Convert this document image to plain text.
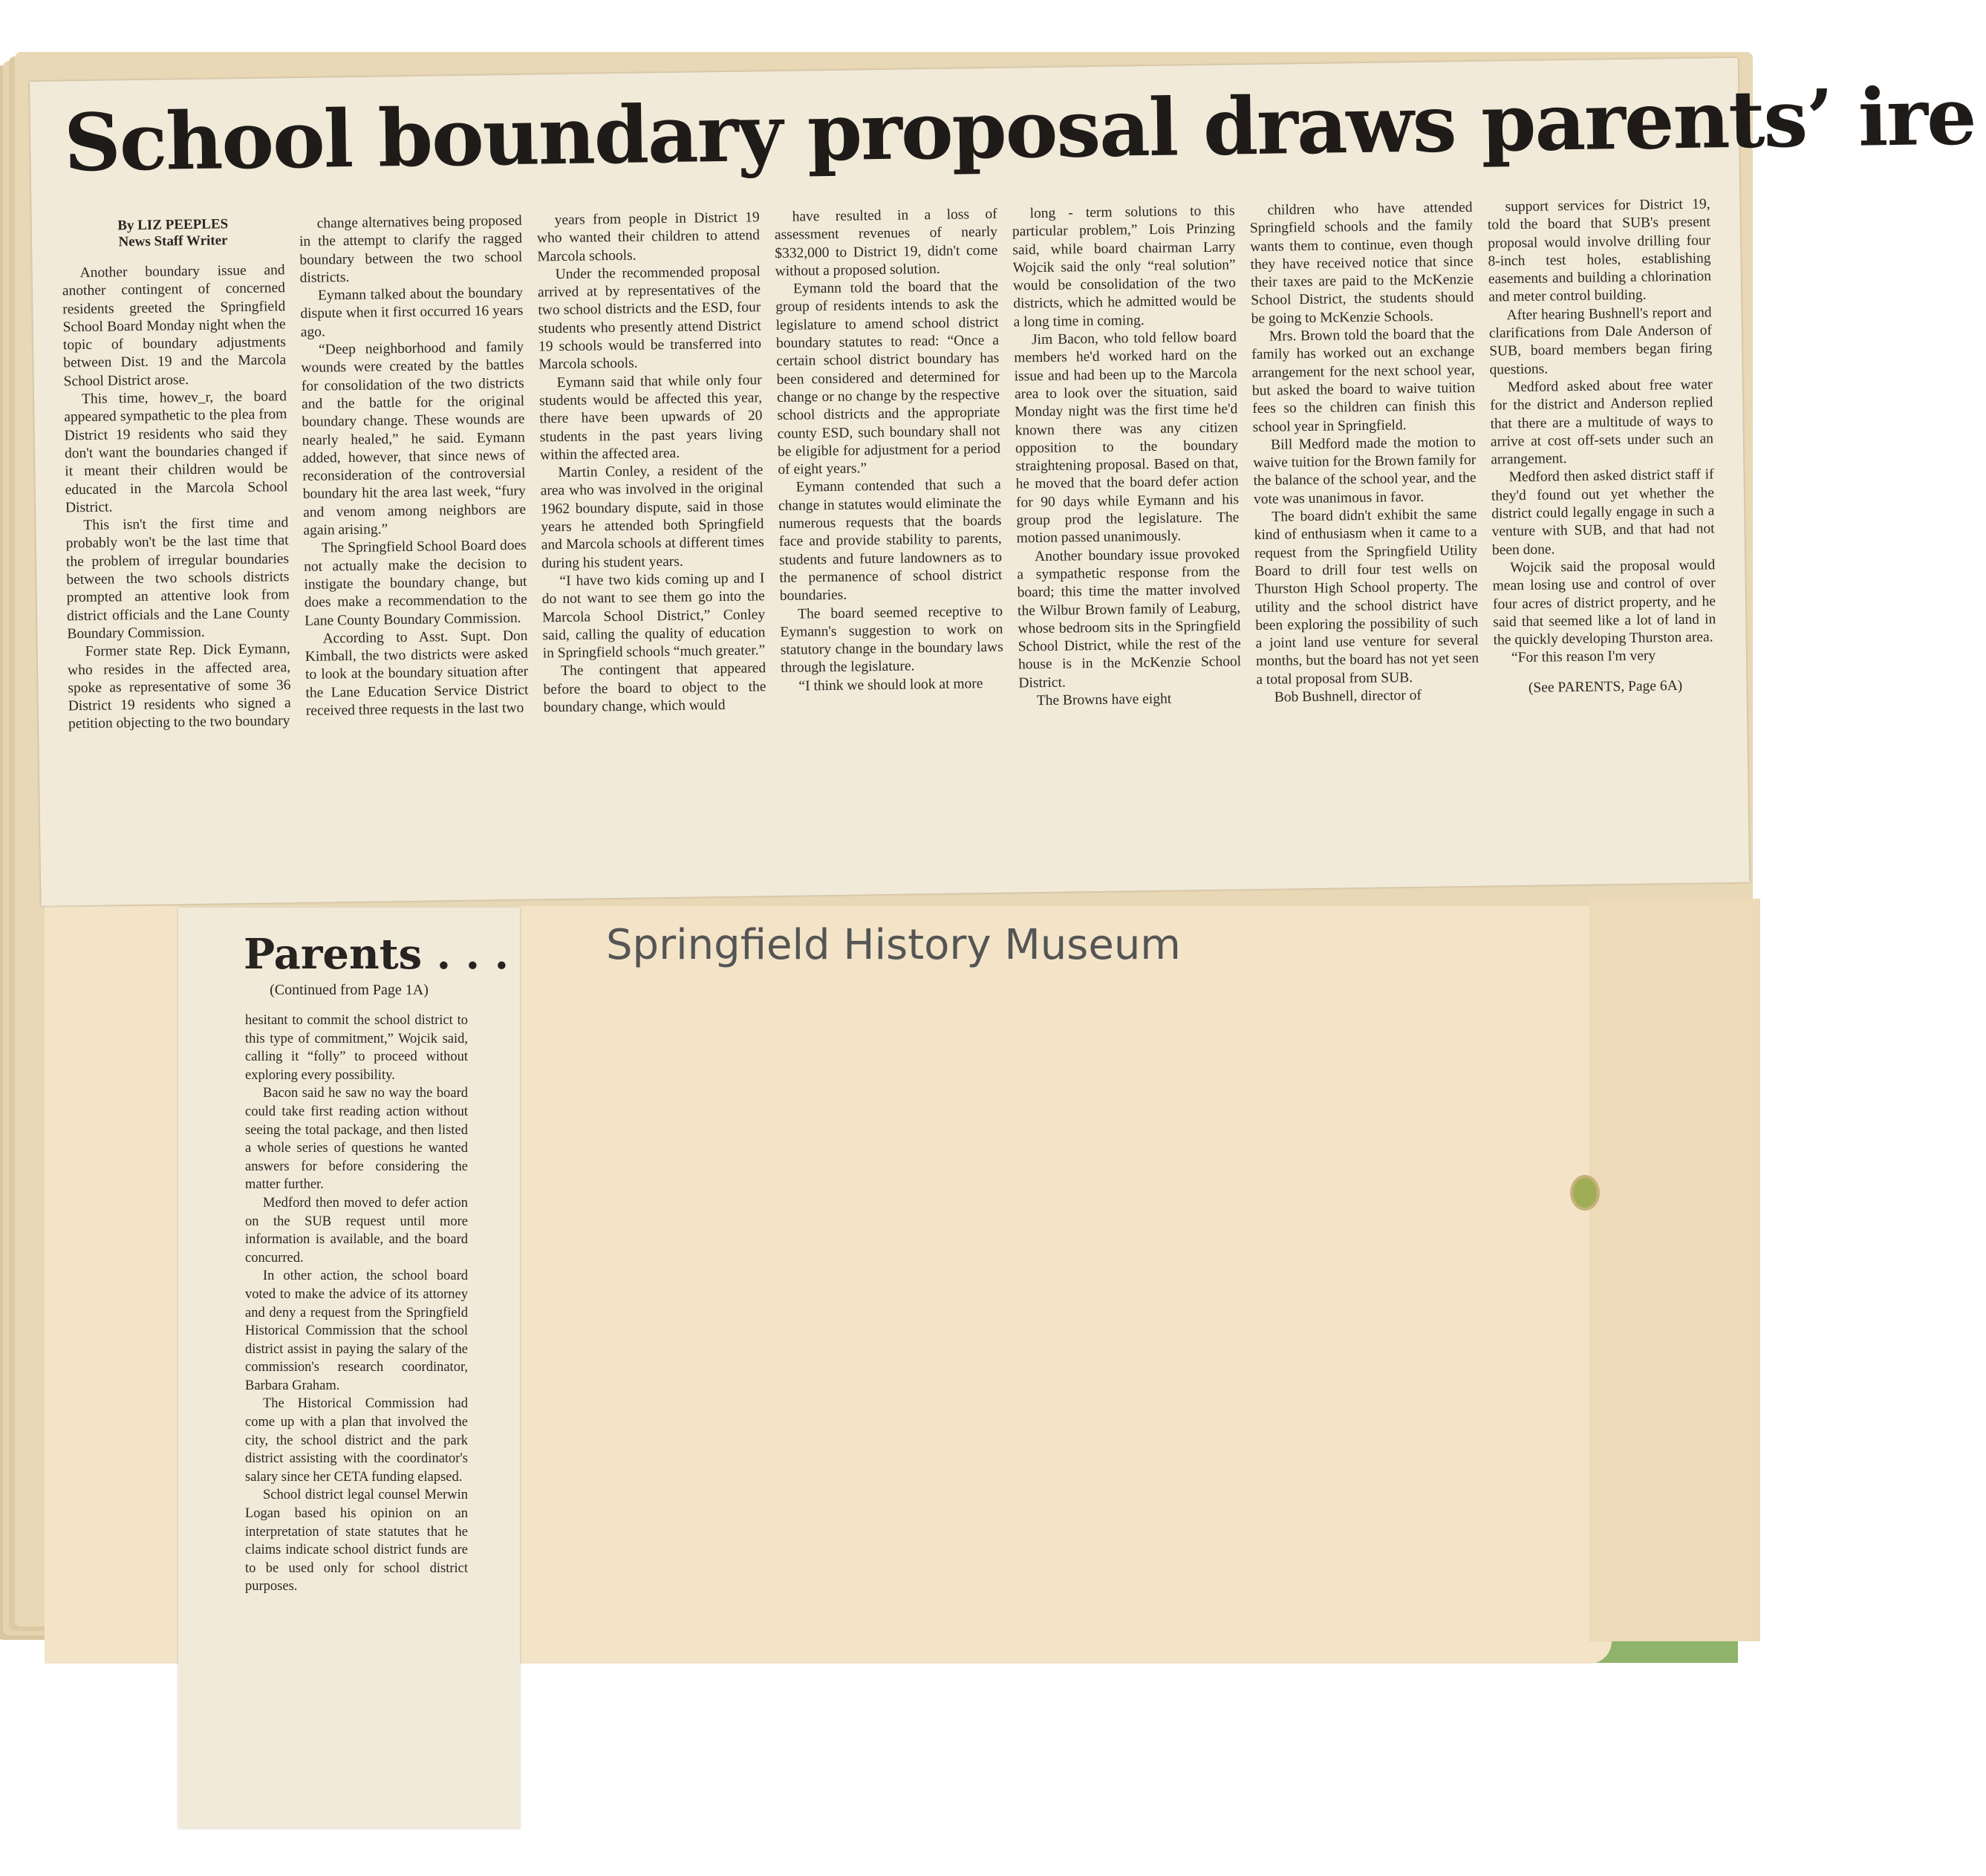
School boundary proposal draws parents’ ire
By LIZ PEEPLES
News Staff Writer

Another boundary issue and another contingent of concerned residents greeted the Springfield School Board Monday night when the topic of boundary adjustments between Dist. 19 and the Marcola School District arose.

This time, howev_r, the board appeared sympathetic to the plea from District 19 residents who said they don't want the boundaries changed if it meant their children would be educated in the Marcola School District.

This isn't the first time and probably won't be the last time that the problem of irregular boundaries between the two schools districts prompted an attentive look from district officials and the Lane County Boundary Commission.

Former state Rep. Dick Eymann, who resides in the affected area, spoke as representative of some 36 District 19 residents who signed a petition objecting to the two boundary

change alternatives being proposed in the attempt to clarify the ragged boundary between the two school districts.

Eymann talked about the boundary dispute when it first occurred 16 years ago.

“Deep neighborhood and family wounds were created by the battles for consolidation of the two districts and the battle for the original boundary change. These wounds are nearly healed,” he said. Eymann added, however, that since news of reconsideration of the controversial boundary hit the area last week, “fury and venom among neighbors are again arising.”

The Springfield School Board does not actually make the decision to instigate the boundary change, but does make a recommendation to the Lane County Boundary Commission.

According to Asst. Supt. Don Kimball, the two districts were asked to look at the boundary situation after the Lane Education Service District received three requests in the last two

years from people in District 19 who wanted their children to attend Marcola schools.

Under the recommended proposal arrived at by representatives of the two school districts and the ESD, four students who presently attend District 19 schools would be transferred into Marcola schools.

Eymann said that while only four students would be affected this year, there have been upwards of 20 students in the past years living within the affected area.

Martin Conley, a resident of the area who was involved in the original 1962 boundary dispute, said in those years he attended both Springfield and Marcola schools at different times during his student years.

“I have two kids coming up and I do not want to see them go into the Marcola School District,” Conley said, calling the quality of education in Springfield schools “much greater.”

The contingent that appeared before the board to object to the boundary change, which would

have resulted in a loss of assessment revenues of nearly $332,000 to District 19, didn't come without a proposed solution.

Eymann told the board that the group of residents intends to ask the legislature to amend school district boundary statutes to read: “Once a certain school district boundary has been considered and determined for change or no change by the respective school districts and the appropriate county ESD, such boundary shall not be eligible for adjustment for a period of eight years.”

Eymann contended that such a change in statutes would eliminate the numerous requests that the boards face and provide stability to parents, students and future landowners as to the permanence of school district boundaries.

The board seemed receptive to Eymann's suggestion to work on statutory change in the boundary laws through the legislature.

“I think we should look at more

long - term solutions to this particular problem,” Lois Prinzing said, while board chairman Larry Wojcik said the only “real solution” would be consolidation of the two districts, which he admitted would be a long time in coming.

Jim Bacon, who told fellow board members he'd worked hard on the issue and had been up to the Marcola area to look over the situation, said Monday night was the first time he'd known there was any citizen opposition to the boundary straightening proposal. Based on that, he moved that the board defer action for 90 days while Eymann and his group prod the legislature. The motion passed unanimously.

Another boundary issue provoked a sympathetic response from the board; this time the matter involved the Wilbur Brown family of Leaburg, whose bedroom sits in the Springfield School District, while the rest of the house is in the McKenzie School District.

The Browns have eight

children who have attended Springfield schools and the family wants them to continue, even though they have received notice that since their taxes are paid to the McKenzie School District, the students should be going to McKenzie Schools.

Mrs. Brown told the board that the family has worked out an exchange arrangement for the next school year, but asked the board to waive tuition fees so the children can finish this school year in Springfield.

Bill Medford made the motion to waive tuition for the Brown family for the balance of the school year, and the vote was unanimous in favor.

The board didn't exhibit the same kind of enthusiasm when it came to a request from the Springfield Utility Board to drill four test wells on Thurston High School property. The utility and the school district have been exploring the possibility of such a joint land use venture for several months, but the board has not yet seen a total proposal from SUB.

Bob Bushnell, director of

support services for District 19, told the board that SUB's present proposal would involve drilling four 8-inch test holes, establishing easements and building a chlorination and meter control building.

After hearing Bushnell's report and clarifications from Dale Anderson of SUB, board members began firing questions.

Medford asked about free water for the district and Anderson replied that there are a multitude of ways to arrive at cost off-sets under such an arrangement.

Medford then asked district staff if they'd found out yet whether the district could legally engage in such a venture with SUB, and that had not been done.

Wojcik said the proposal would mean losing use and control of over four acres of district property, and he said that seemed like a lot of land in the quickly developing Thurston area.

“For this reason I'm very

(See PARENTS, Page 6A)

Springfield History Museum
Parents . . .
(Continued from Page 1A)

hesitant to commit the school district to this type of commitment,” Wojcik said, calling it “folly” to proceed without exploring every possibility.

Bacon said he saw no way the board could take first reading action without seeing the total package, and then listed a whole series of questions he wanted answers for before considering the matter further.

Medford then moved to defer action on the SUB request until more information is available, and the board concurred.

In other action, the school board voted to make the advice of its attorney and deny a request from the Springfield Historical Commission that the school district assist in paying the salary of the commission's research coordinator, Barbara Graham.

The Historical Commission had come up with a plan that involved the city, the school district and the park district assisting with the coordinator's salary since her CETA funding elapsed.

School district legal counsel Merwin Logan based his opinion on an interpretation of state statutes that he claims indicate school district funds are to be used only for school district purposes.
